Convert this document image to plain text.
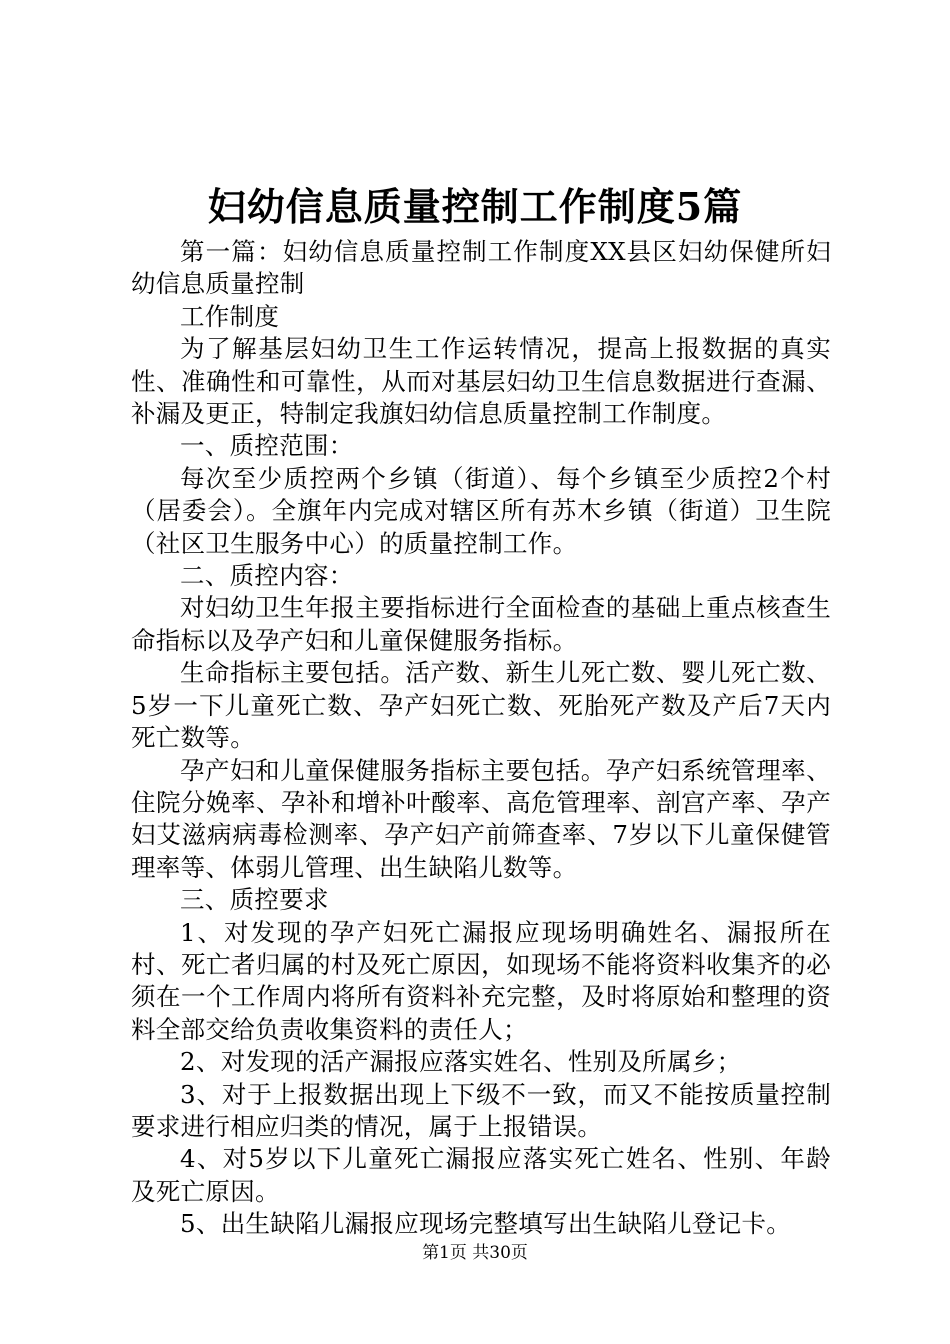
妇幼信息质量控制工作制度5篇

第一篇：妇幼信息质量控制工作制度XX县区妇幼保健所妇幼信息质量控制

工作制度

为了解基层妇幼卫生工作运转情况，提高上报数据的真实性、准确性和可靠性，从而对基层妇幼卫生信息数据进行查漏、补漏及更正，特制定我旗妇幼信息质量控制工作制度。

一、质控范围：

每次至少质控两个乡镇（街道）、每个乡镇至少质控2个村（居委会）。全旗年内完成对辖区所有苏木乡镇（街道）卫生院（社区卫生服务中心）的质量控制工作。

二、质控内容：

对妇幼卫生年报主要指标进行全面检查的基础上重点核查生命指标以及孕产妇和儿童保健服务指标。

生命指标主要包括。活产数、新生儿死亡数、婴儿死亡数、5岁一下儿童死亡数、孕产妇死亡数、死胎死产数及产后7天内死亡数等。

孕产妇和儿童保健服务指标主要包括。孕产妇系统管理率、住院分娩率、孕补和增补叶酸率、高危管理率、剖宫产率、孕产妇艾滋病病毒检测率、孕产妇产前筛查率、7岁以下儿童保健管理率等、体弱儿管理、出生缺陷儿数等。

三、质控要求

1、对发现的孕产妇死亡漏报应现场明确姓名、漏报所在村、死亡者归属的村及死亡原因，如现场不能将资料收集齐的必须在一个工作周内将所有资料补充完整，及时将原始和整理的资料全部交给负责收集资料的责任人；

2、对发现的活产漏报应落实姓名、性别及所属乡；

3、对于上报数据出现上下级不一致，而又不能按质量控制要求进行相应归类的情况，属于上报错误。

4、对5岁以下儿童死亡漏报应落实死亡姓名、性别、年龄及死亡原因。

5、出生缺陷儿漏报应现场完整填写出生缺陷儿登记卡。

第1页 共30页
